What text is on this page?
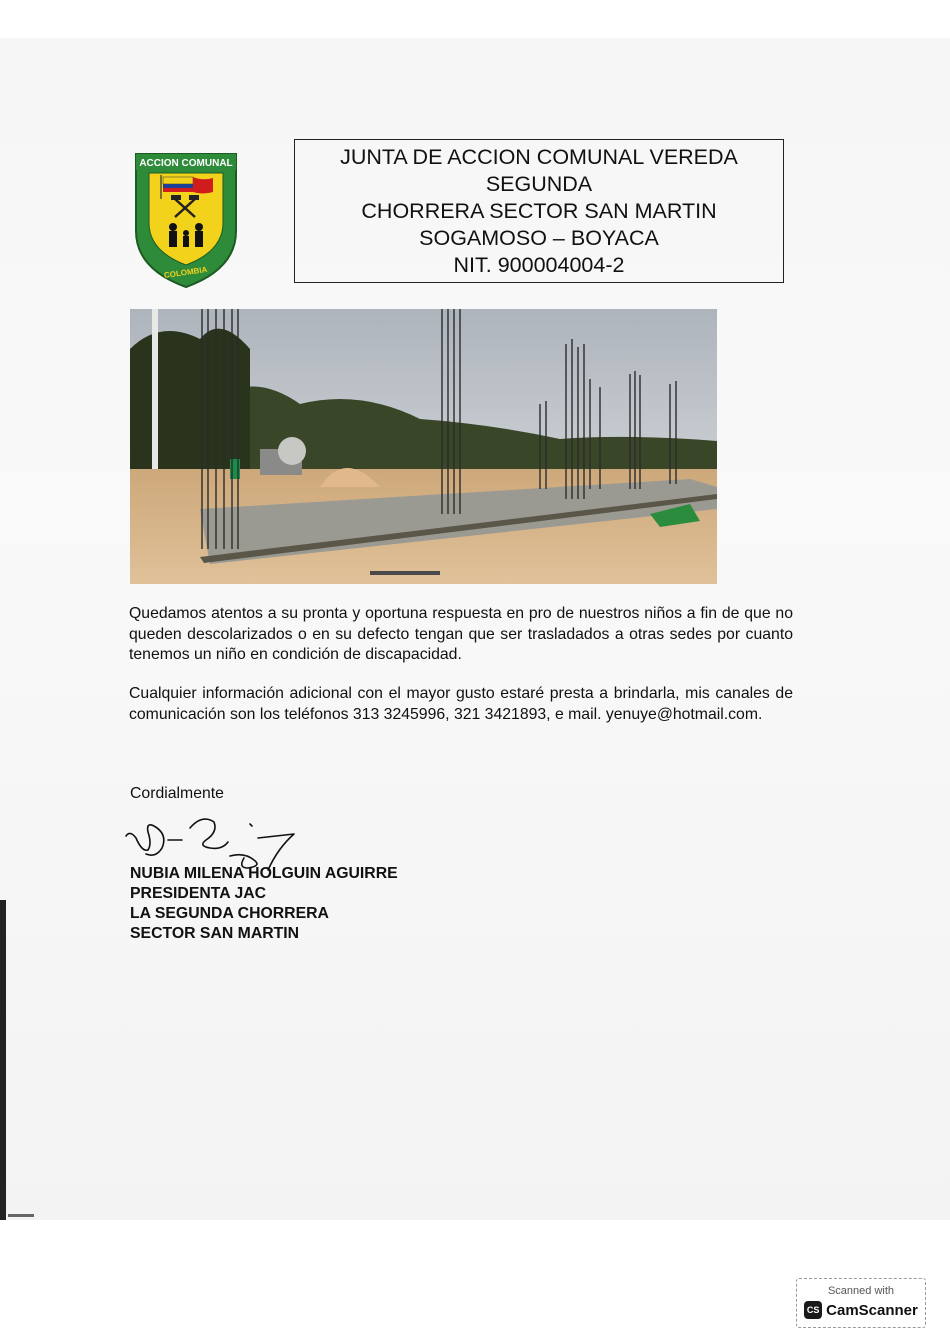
ACCION COMUNAL
COLOMBIA
JUNTA DE ACCION COMUNAL VEREDA
SEGUNDA
CHORRERA SECTOR SAN MARTIN
SOGAMOSO – BOYACA
NIT. 900004004-2
Quedamos atentos a su pronta y oportuna respuesta en pro de nuestros niños a fin de que no queden descolarizados o en su defecto tengan que ser trasladados a otras sedes por cuanto tenemos un niño en condición de discapacidad.
Cualquier información adicional con el mayor gusto estaré presta a brindarla, mis canales de comunicación son los teléfonos 313 3245996, 321 3421893, e mail. yenuye@hotmail.com.
Cordialmente
NUBIA MILENA HOLGUIN AGUIRRE
PRESIDENTA JAC
LA SEGUNDA CHORRERA
SECTOR SAN MARTIN
Scanned with
CS CamScanner
